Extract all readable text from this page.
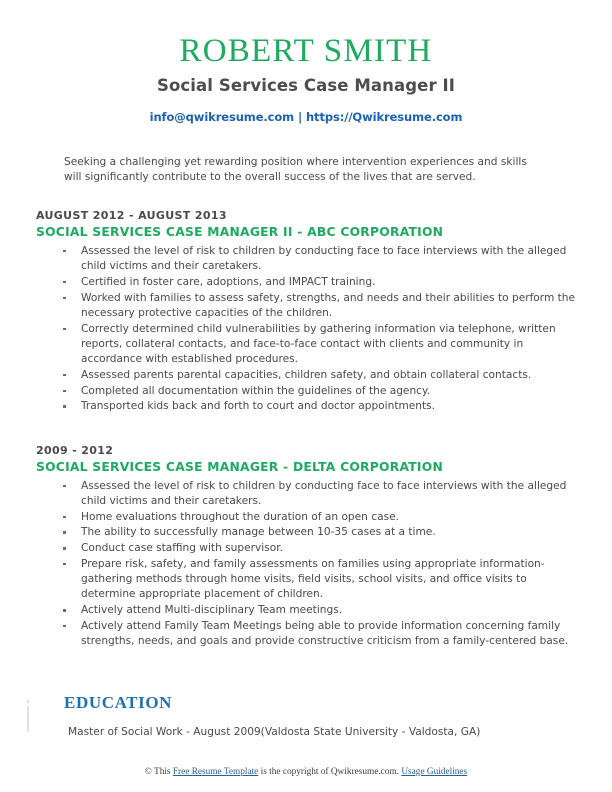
ROBERT SMITH
Social Services Case Manager II
info@qwikresume.com | https://Qwikresume.com
Seeking a challenging yet rewarding position where intervention experiences and skills will significantly contribute to the overall success of the lives that are served.
AUGUST 2012 - AUGUST 2013
SOCIAL SERVICES CASE MANAGER II - ABC CORPORATION
Assessed the level of risk to children by conducting face to face interviews with the alleged child victims and their caretakers.
Certified in foster care, adoptions, and IMPACT training.
Worked with families to assess safety, strengths, and needs and their abilities to perform the necessary protective capacities of the children.
Correctly determined child vulnerabilities by gathering information via telephone, written reports, collateral contacts, and face-to-face contact with clients and community in accordance with established procedures.
Assessed parents parental capacities, children safety, and obtain collateral contacts.
Completed all documentation within the guidelines of the agency.
Transported kids back and forth to court and doctor appointments.
2009 - 2012
SOCIAL SERVICES CASE MANAGER - DELTA CORPORATION
Assessed the level of risk to children by conducting face to face interviews with the alleged child victims and their caretakers.
Home evaluations throughout the duration of an open case.
The ability to successfully manage between 10-35 cases at a time.
Conduct case staffing with supervisor.
Prepare risk, safety, and family assessments on families using appropriate information-gathering methods through home visits, field visits, school visits, and office visits to determine appropriate placement of children.
Actively attend Multi-disciplinary Team meetings.
Actively attend Family Team Meetings being able to provide information concerning family strengths, needs, and goals and provide constructive criticism from a family-centered base.
EDUCATION
Master of Social Work - August 2009(Valdosta State University - Valdosta, GA)
© This Free Resume Template is the copyright of Qwikresume.com. Usage Guidelines
